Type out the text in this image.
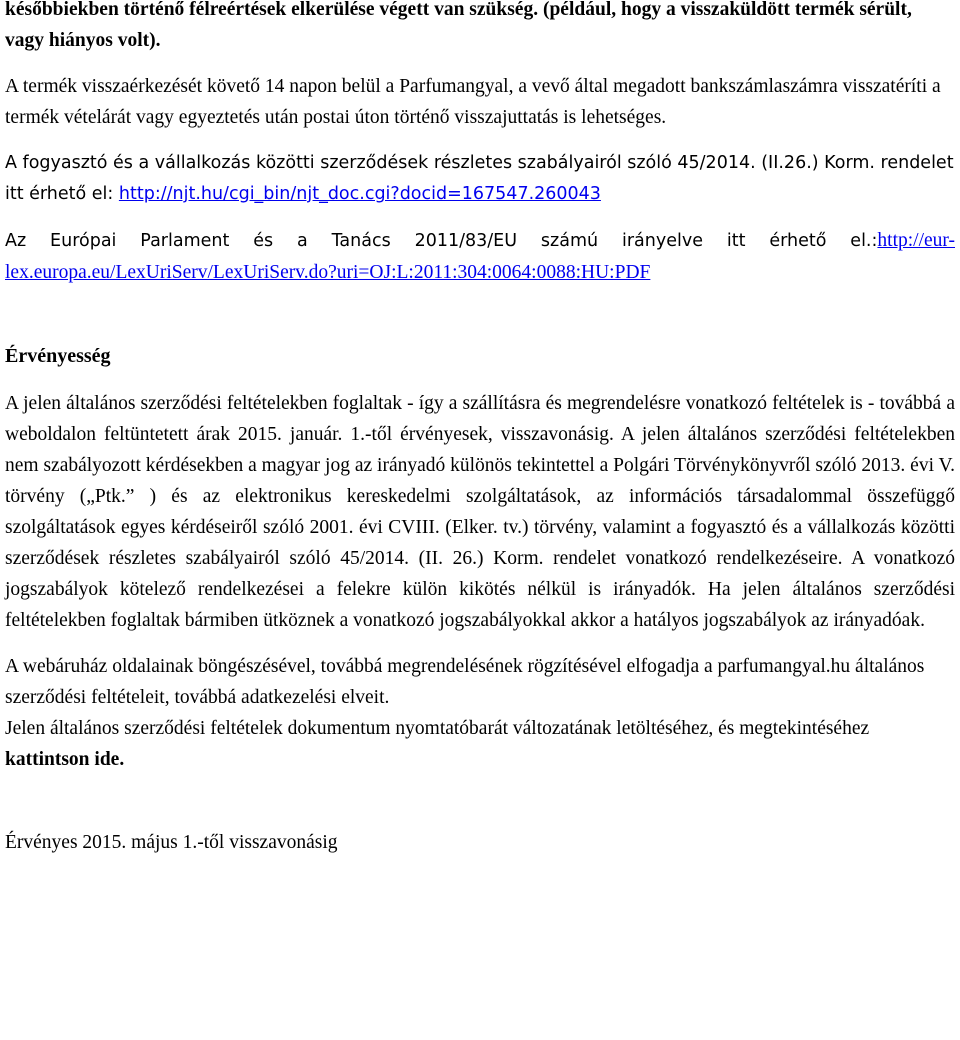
későbbiekben történő félreértések elkerülése végett van szükség. (például, hogy a visszaküldött termék sérült, vagy hiányos volt).

A termék visszaérkezését követő 14 napon belül a Parfumangyal, a vevő által megadott bankszámlaszámra visszatéríti a termék vételárát vagy egyeztetés után postai úton történő visszajuttatás is lehetséges.

A fogyasztó és a vállalkozás közötti szerződések részletes szabályairól szóló 45/2014. (II.26.) Korm. rendelet itt érhető el: http://njt.hu/cgi_bin/njt_doc.cgi?docid=167547.260043

Az Európai Parlament és a Tanács 2011/83/EU számú irányelve itt érhető el.:http://eur-lex.europa.eu/LexUriServ/LexUriServ.do?uri=OJ:L:2011:304:0064:0088:HU:PDF

Érvényesség

A jelen általános szerződési feltételekben foglaltak - így a szállításra és megrendelésre vonatkozó feltételek is - továbbá a weboldalon feltüntetett árak 2015. január. 1.-től érvényesek, visszavonásig. A jelen általános szerződési feltételekben nem szabályozott kérdésekben a magyar jog az irányadó különös tekintettel a Polgári Törvénykönyvről szóló 2013. évi V. törvény („Ptk.” ) és az elektronikus kereskedelmi szolgáltatások, az információs társadalommal összefüggő szolgáltatások egyes kérdéseiről szóló 2001. évi CVIII. (Elker. tv.) törvény, valamint a fogyasztó és a vállalkozás közötti szerződések részletes szabályairól szóló 45/2014. (II. 26.) Korm. rendelet vonatkozó rendelkezéseire. A vonatkozó jogszabályok kötelező rendelkezései a felekre külön kikötés nélkül is irányadók. Ha jelen általános szerződési feltételekben foglaltak bármiben ütköznek a vonatkozó jogszabályokkal akkor a hatályos jogszabályok az irányadóak.

A webáruház oldalainak böngészésével, továbbá megrendelésének rögzítésével elfogadja a parfumangyal.hu általános szerződési feltételeit, továbbá adatkezelési elveit.

Jelen általános szerződési feltételek dokumentum nyomtatóbarát változatának letöltéséhez, és megtekintéséhez kattintson ide.

Érvényes 2015. május 1.-től visszavonásig
